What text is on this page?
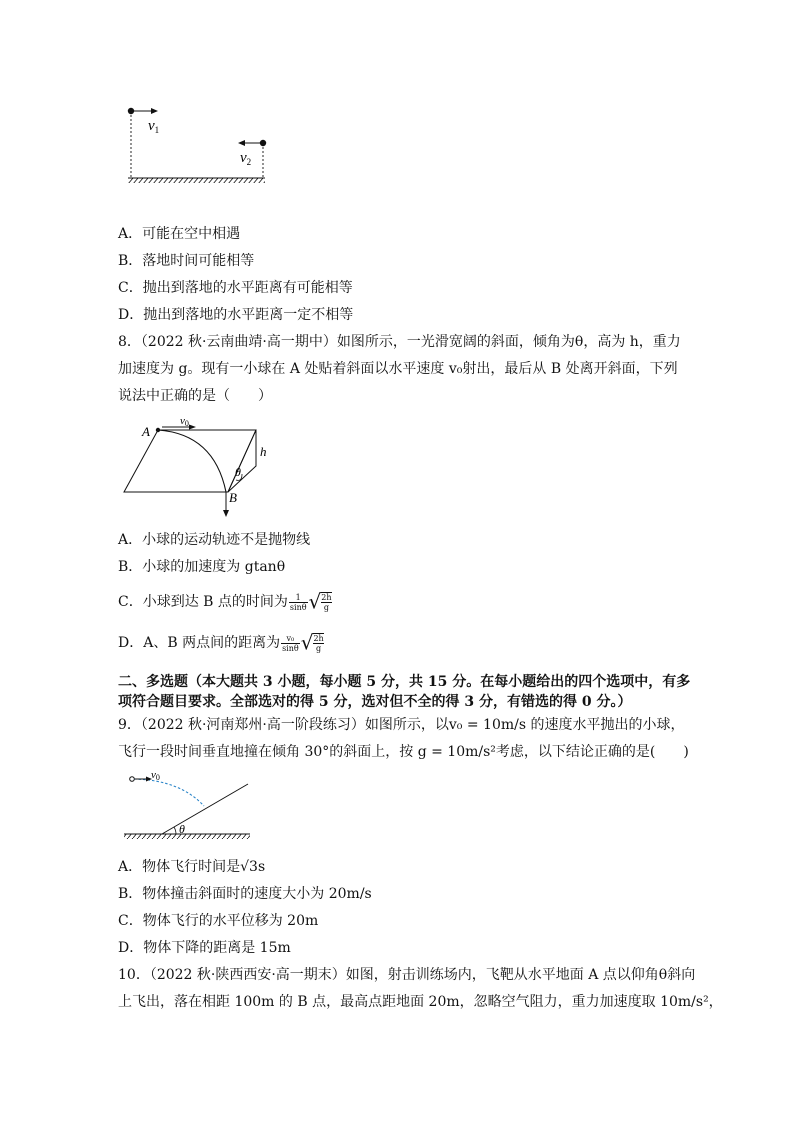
$v_1$
$v_2$
A．可能在空中相遇
B．落地时间可能相等
C．抛出到落地的水平距离有可能相等
D．抛出到落地的水平距离一定不相等
8．（2022 秋·云南曲靖·高一期中）如图所示，一光滑宽阔的斜面，倾角为θ，高为 h，重力
加速度为 g。现有一小球在 A 处贴着斜面以水平速度 v₀射出，最后从 B 处离开斜面，下列
说法中正确的是（　　）
A
v0
h
θ
B
A．小球的运动轨迹不是抛物线
B．小球的加速度为 gtanθ
C．小球到达 B 点的时间为 $\frac{1}{\sin\theta}$ √ $\frac{2h}{g}$
D．A、B 两点间的距离为 $\frac{\text{v₀}}{\sin\theta}$ √ $\frac{2h}{g}$
二、多选题（本大题共 3 小题，每小题 5 分，共 15 分。在每小题给出的四个选项中，有多
项符合题目要求。全部选对的得 5 分，选对但不全的得 3 分，有错选的得 0 分。）
9．（2022 秋·河南郑州·高一阶段练习）如图所示，以v₀ = 10m/s 的速度水平抛出的小球，
飞行一段时间垂直地撞在倾角 30°的斜面上，按 g = 10m/s²考虑，以下结论正确的是(　　)
v0
θ
A．物体飞行时间是√3s
B．物体撞击斜面时的速度大小为 20m/s
C．物体飞行的水平位移为 20m
D．物体下降的距离是 15m
10．（2022 秋·陕西西安·高一期末）如图，射击训练场内，飞靶从水平地面 A 点以仰角θ斜向
上飞出，落在相距 100m 的 B 点，最高点距地面 20m，忽略空气阻力，重力加速度取 10m/s²，
